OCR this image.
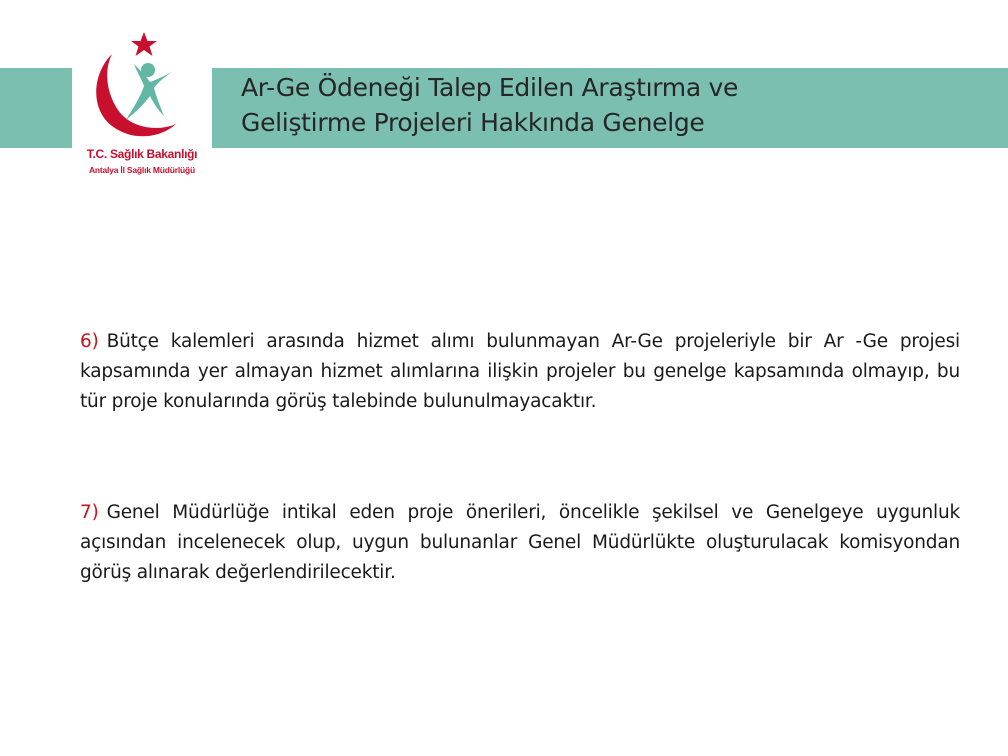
T.C. Sağlık Bakanlığı
Antalya İl Sağlık Müdürlüğü
Ar-Ge Ödeneği Talep Edilen Araştırma ve
Geliştirme Projeleri Hakkında Genelge
6) Bütçe kalemleri arasında hizmet alımı bulunmayan Ar-Ge projeleriyle bir Ar -Ge projesi kapsamında yer almayan hizmet alımlarına ilişkin projeler bu genelge kapsamında olmayıp, bu tür proje konularında görüş talebinde bulunulmayacaktır.
7) Genel Müdürlüğe intikal eden proje önerileri, öncelikle şekilsel ve Genelgeye uygunluk açısından incelenecek olup, uygun bulunanlar Genel Müdürlükte oluşturulacak komisyondan görüş alınarak değerlendirilecektir.
